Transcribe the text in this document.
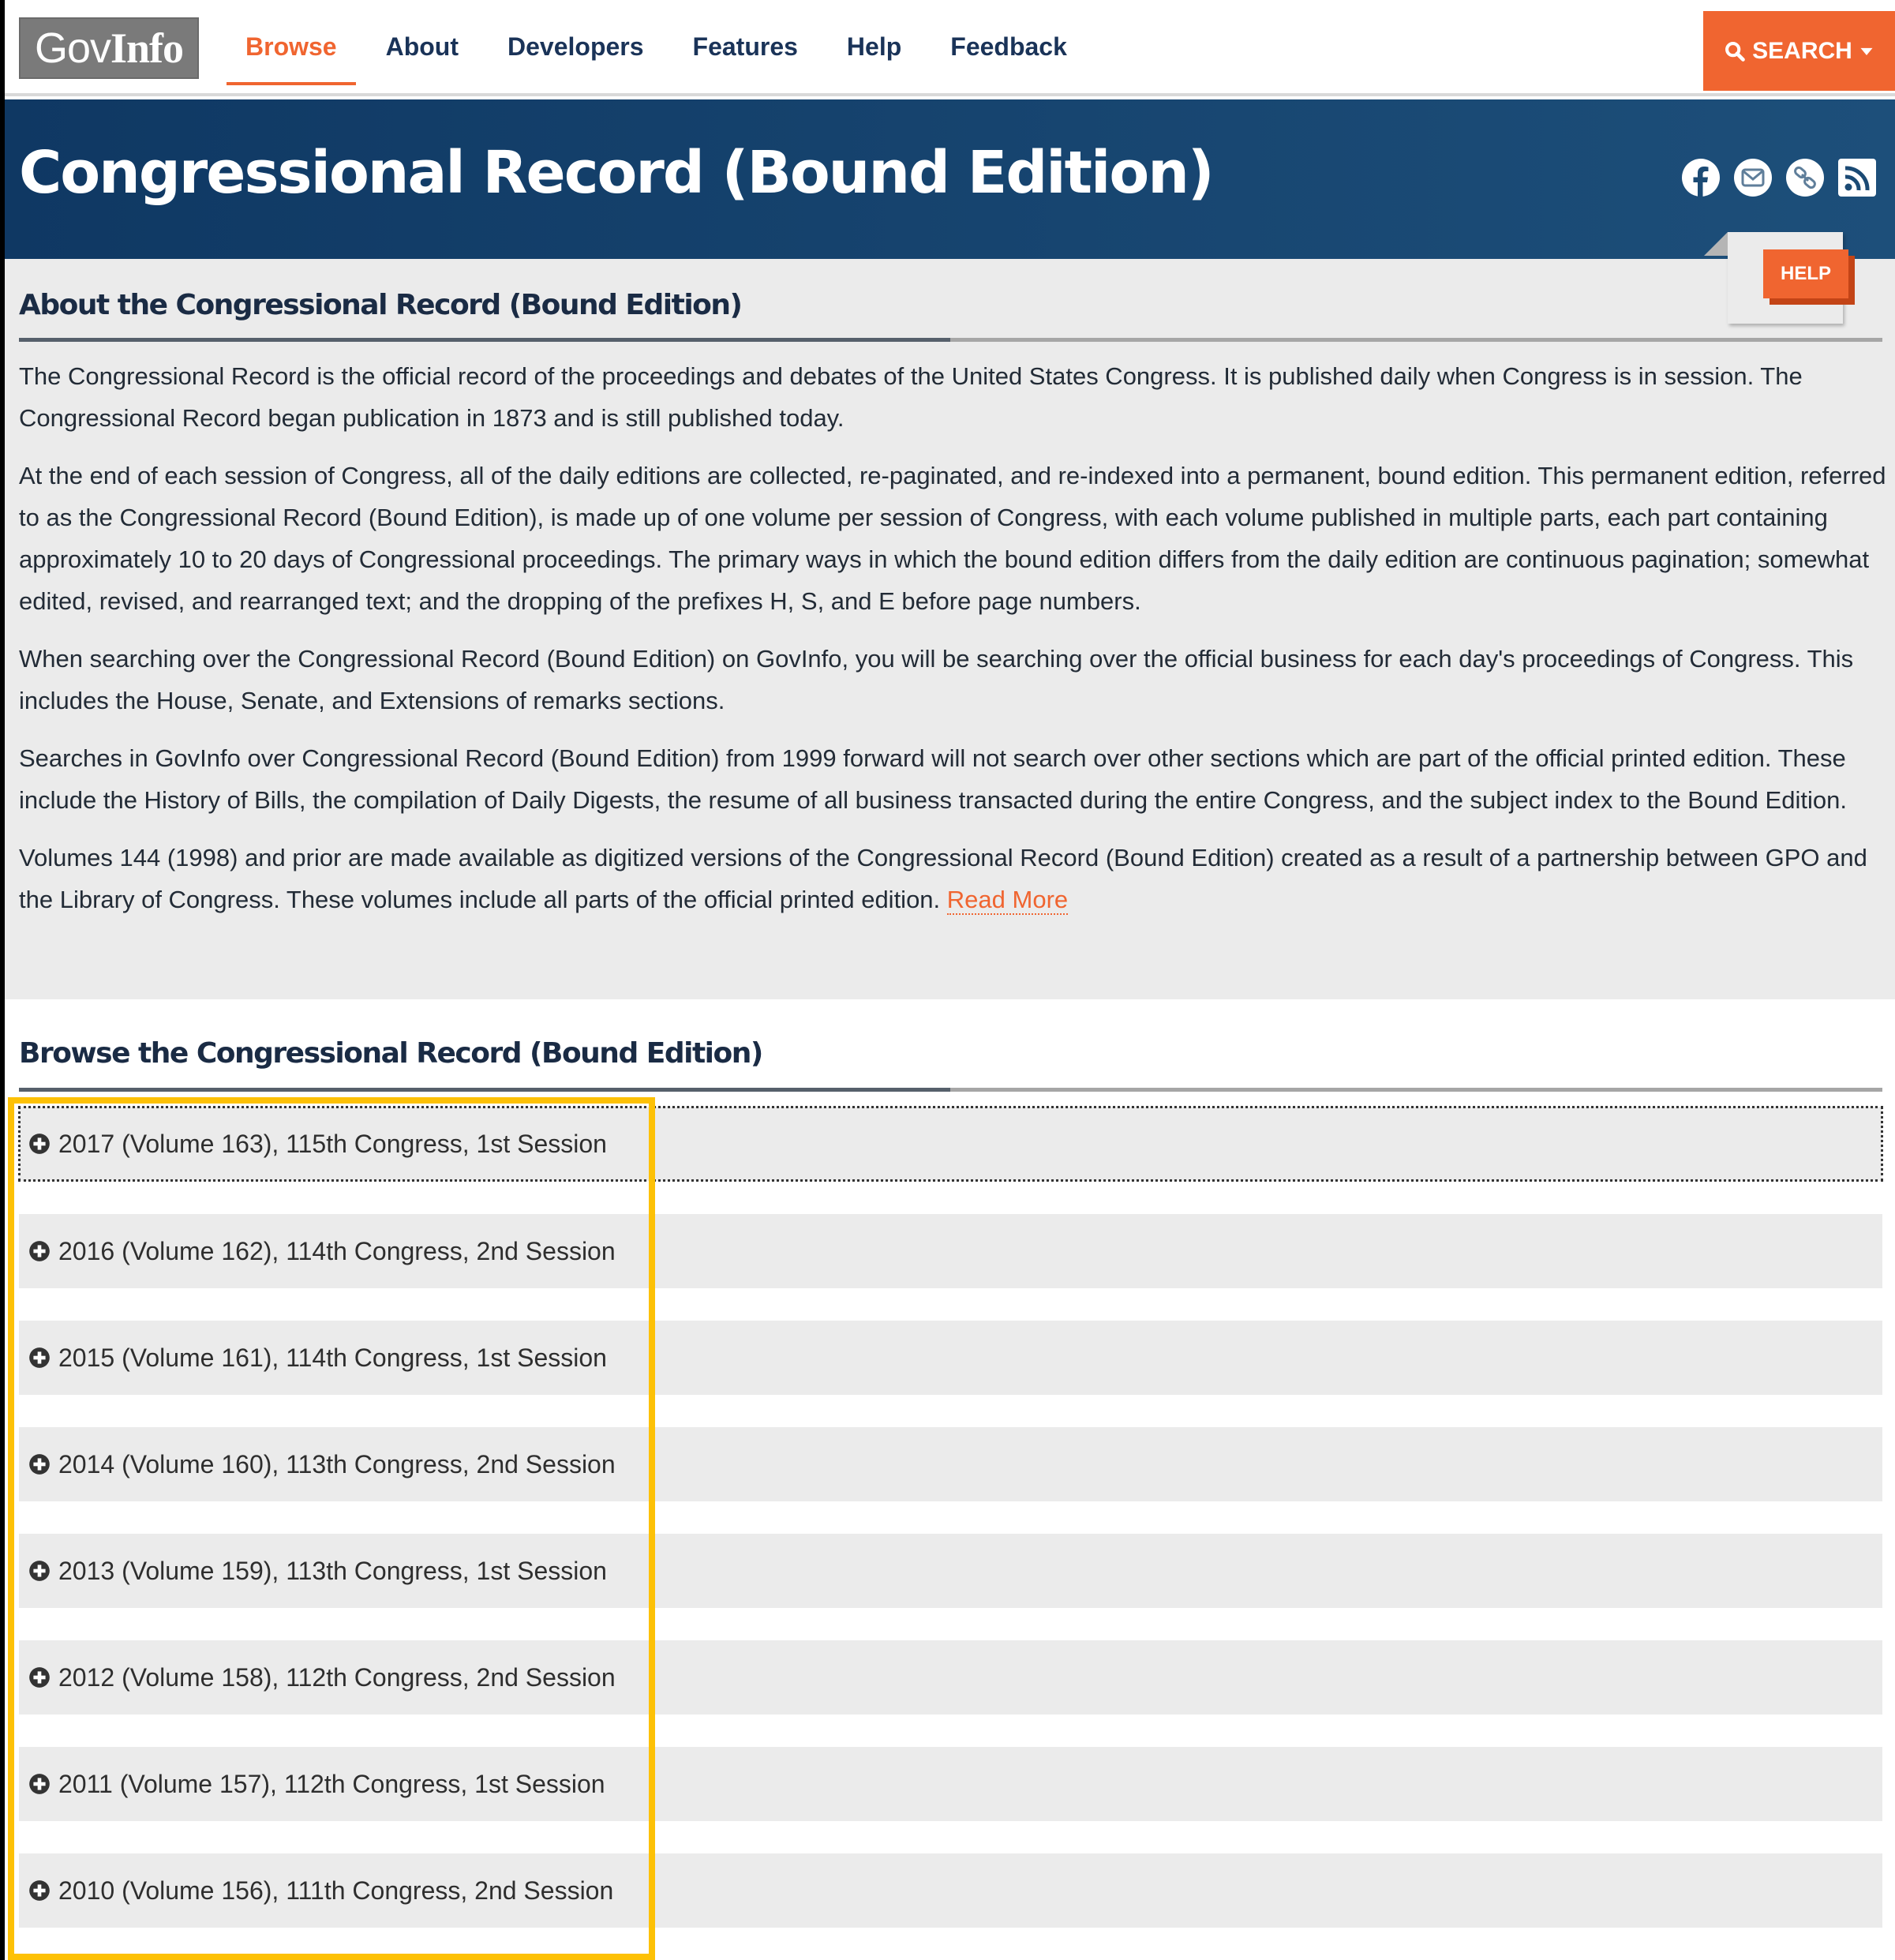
Gov Info	Browse	About	Developers	Features	Help	Feedback	SEARCH
Congressional Record (Bound Edition)
HELP
About the Congressional Record (Bound Edition)

The Congressional Record is the official record of the proceedings and debates of the United States Congress. It is published daily when Congress is in session. The Congressional Record began publication in 1873 and is still published today.

At the end of each session of Congress, all of the daily editions are collected, re-paginated, and re-indexed into a permanent, bound edition. This permanent edition, referred to as the Congressional Record (Bound Edition), is made up of one volume per session of Congress, with each volume published in multiple parts, each part containing approximately 10 to 20 days of Congressional proceedings. The primary ways in which the bound edition differs from the daily edition are continuous pagination; somewhat edited, revised, and rearranged text; and the dropping of the prefixes H, S, and E before page numbers.

When searching over the Congressional Record (Bound Edition) on GovInfo, you will be searching over the official business for each day's proceedings of Congress. This includes the House, Senate, and Extensions of remarks sections.

Searches in GovInfo over Congressional Record (Bound Edition) from 1999 forward will not search over other sections which are part of the official printed edition. These include the History of Bills, the compilation of Daily Digests, the resume of all business transacted during the entire Congress, and the subject index to the Bound Edition.

Volumes 144 (1998) and prior are made available as digitized versions of the Congressional Record (Bound Edition) created as a result of a partnership between GPO and the Library of Congress. These volumes include all parts of the official printed edition. Read More

Browse the Congressional Record (Bound Edition)
2017 (Volume 163), 115th Congress, 1st Session
2016 (Volume 162), 114th Congress, 2nd Session
2015 (Volume 161), 114th Congress, 1st Session
2014 (Volume 160), 113th Congress, 2nd Session
2013 (Volume 159), 113th Congress, 1st Session
2012 (Volume 158), 112th Congress, 2nd Session
2011 (Volume 157), 112th Congress, 1st Session
2010 (Volume 156), 111th Congress, 2nd Session
